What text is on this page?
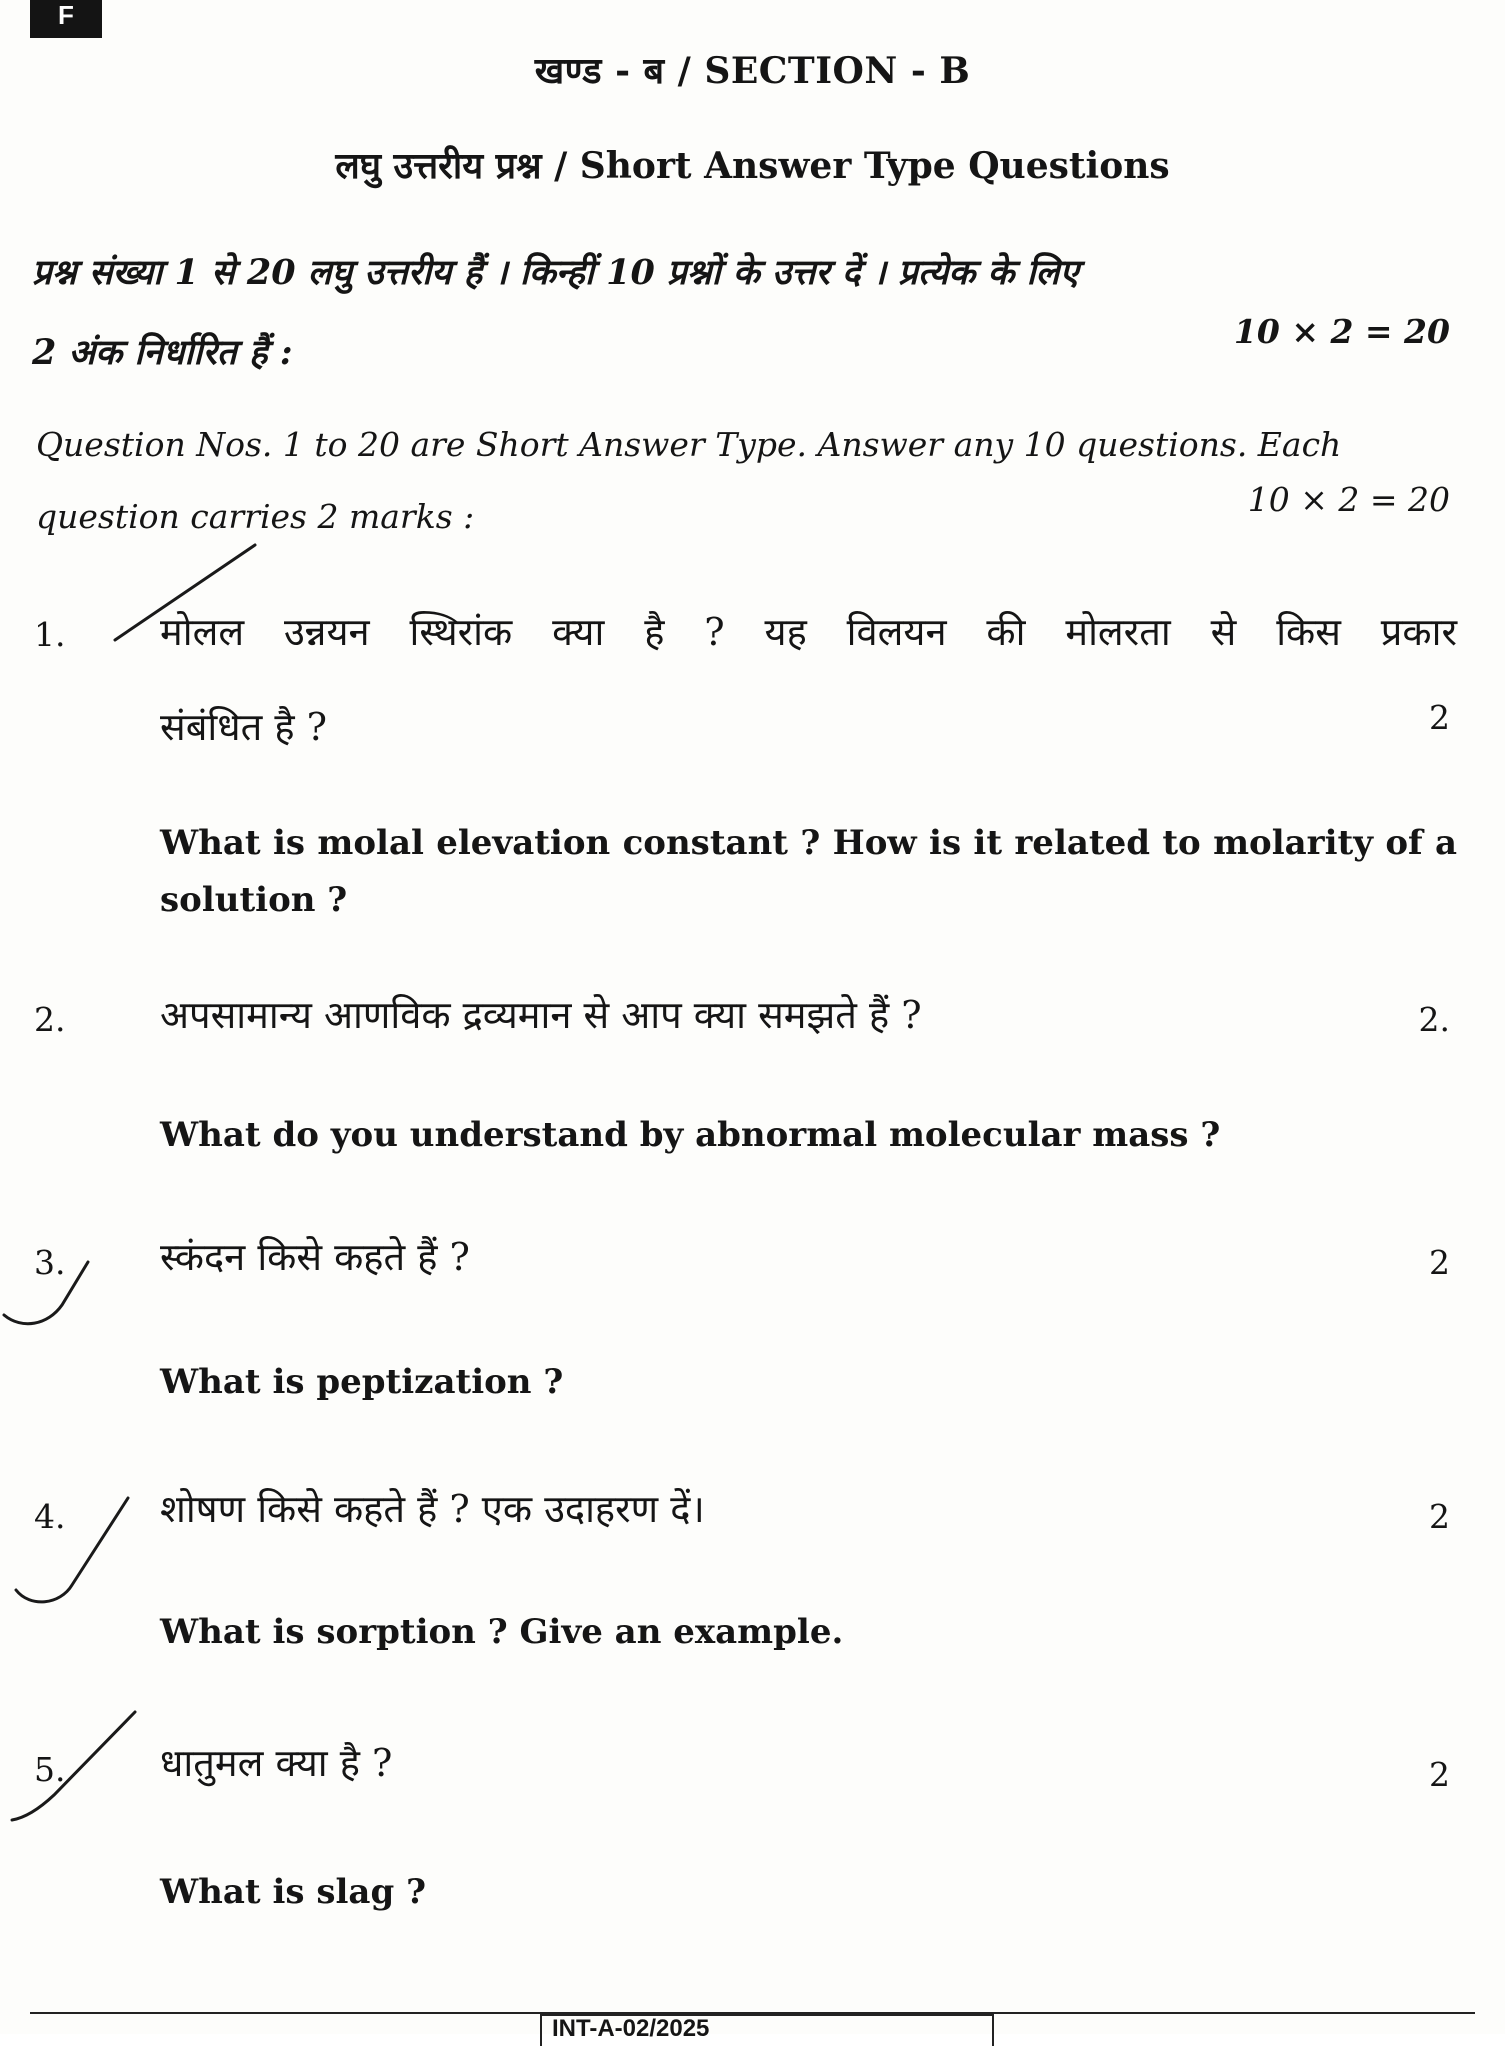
F
खण्ड - ब / SECTION - B
लघु उत्तरीय प्रश्न / Short Answer Type Questions
प्रश्न संख्या 1 से 20 लघु उत्तरीय हैं । किन्हीं 10 प्रश्नों के उत्तर दें । प्रत्येक के लिए
2 अंक निर्धारित हैं :
10 × 2 = 20
Question Nos. 1 to 20 are Short Answer Type. Answer any 10 questions. Each
question carries 2 marks :	10 × 2 = 20
1. मोलल उन्नयन स्थिरांक क्या है ? यह विलयन की मोलरता से किस प्रकार
संबंधित है ?	2
What is molal elevation constant ? How is it related to molarity of a
solution ?
2. अपसामान्य आणविक द्रव्यमान से आप क्या समझते हैं ?	2.
What do you understand by abnormal molecular mass ?
3. स्कंदन किसे कहते हैं ?	2
What is peptization ?
4. शोषण किसे कहते हैं ? एक उदाहरण दें।	2
What is sorption ? Give an example.
5. धातुमल क्या है ?	2
What is slag ?
INT-A-02/2025
